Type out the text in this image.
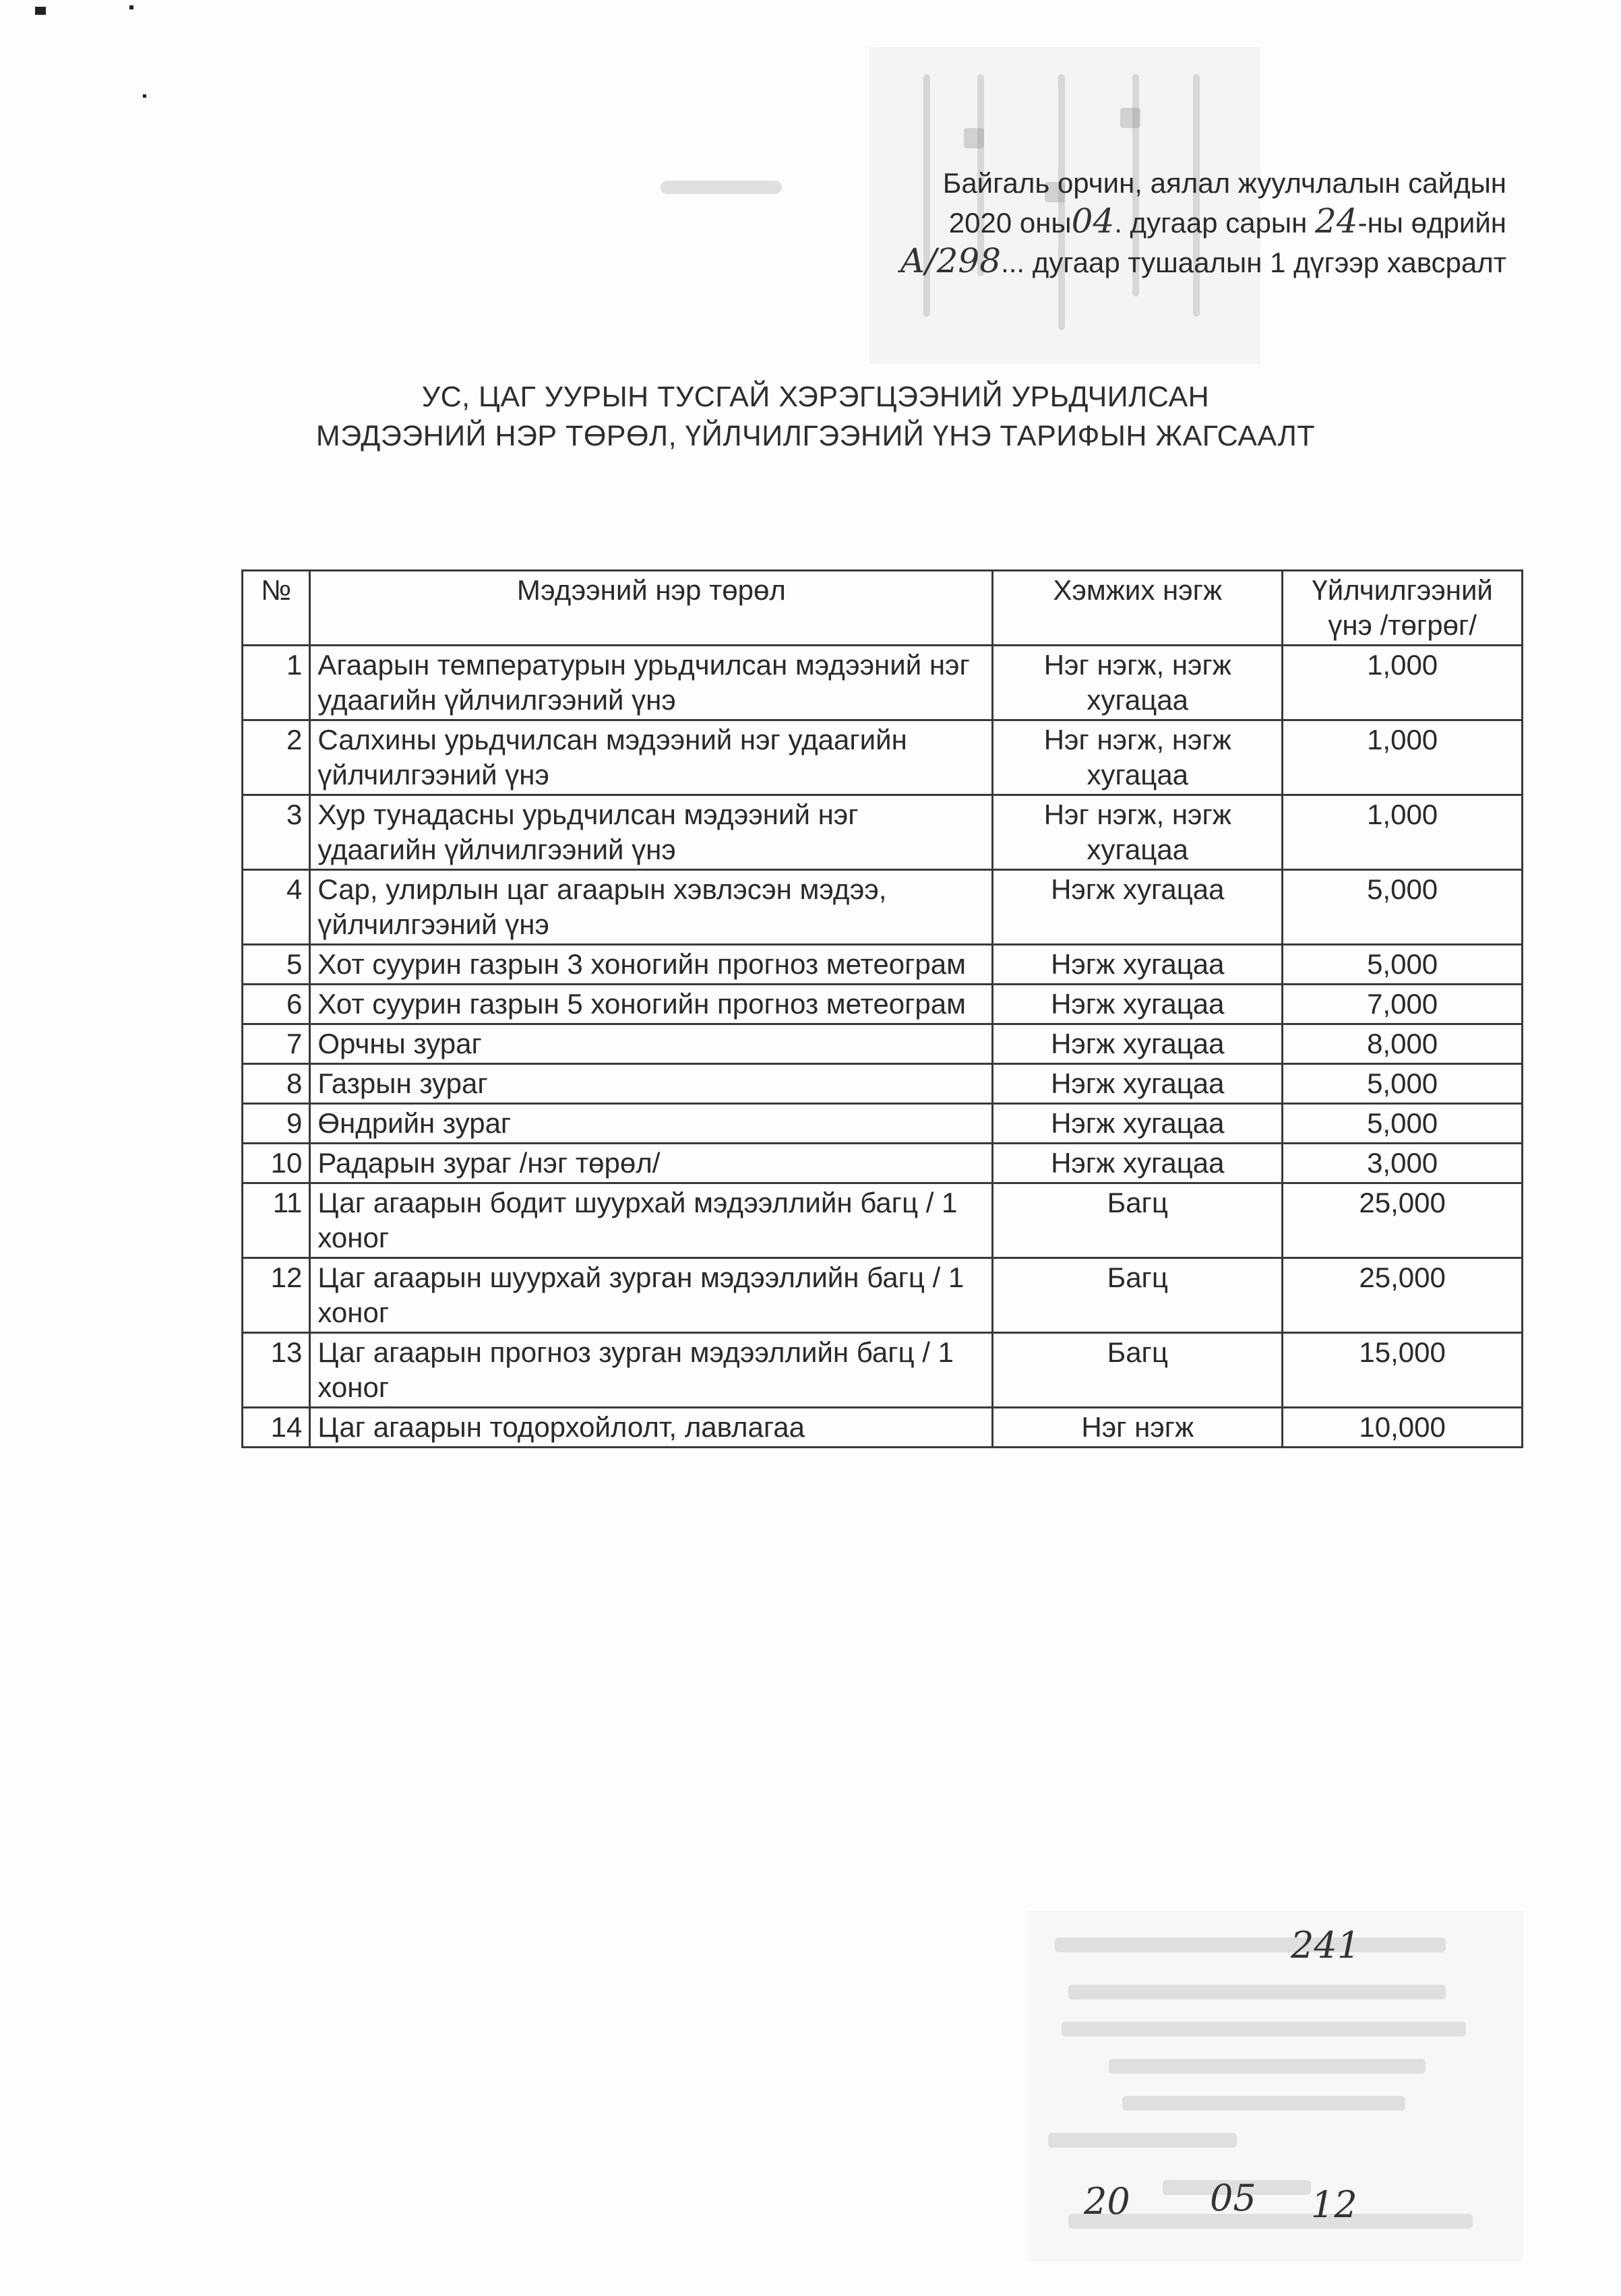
Байгаль орчин, аялал жуулчлалын сайдын
2020 оны04. дугаар сарын 24-ны өдрийн
А/298... дугаар тушаалын 1 дүгээр хавсралт
УС, ЦАГ УУРЫН ТУСГАЙ ХЭРЭГЦЭЭНИЙ УРЬДЧИЛСАН
МЭДЭЭНИЙ НЭР ТӨРӨЛ, ҮЙЛЧИЛГЭЭНИЙ ҮНЭ ТАРИФЫН ЖАГСААЛТ
№	Мэдээний нэр төрөл	Хэмжих нэгж	Үйлчилгээний үнэ /төгрөг/
1	Агаарын температурын урьдчилсан мэдээний нэг удаагийн үйлчилгээний үнэ	Нэг нэгж, нэгж хугацаа	1,000
2	Салхины урьдчилсан мэдээний нэг удаагийн үйлчилгээний үнэ	Нэг нэгж, нэгж хугацаа	1,000
3	Хур тунадасны урьдчилсан мэдээний нэг удаагийн үйлчилгээний үнэ	Нэг нэгж, нэгж хугацаа	1,000
4	Сар, улирлын цаг агаарын хэвлэсэн мэдээ, үйлчилгээний үнэ	Нэгж хугацаа	5,000
5	Хот суурин газрын 3 хоногийн прогноз метеограм	Нэгж хугацаа	5,000
6	Хот суурин газрын 5 хоногийн прогноз метеограм	Нэгж хугацаа	7,000
7	Орчны зураг	Нэгж хугацаа	8,000
8	Газрын зураг	Нэгж хугацаа	5,000
9	Өндрийн зураг	Нэгж хугацаа	5,000
10	Радарын зураг /нэг төрөл/	Нэгж хугацаа	3,000
11	Цаг агаарын бодит шуурхай мэдээллийн багц / 1 хоног	Багц	25,000
12	Цаг агаарын шуурхай зурган мэдээллийн багц / 1 хоног	Багц	25,000
13	Цаг агаарын прогноз зурган мэдээллийн багц / 1 хоног	Багц	15,000
14	Цаг агаарын тодорхойлолт, лавлагаа	Нэг нэгж	10,000
241
20 05 12
